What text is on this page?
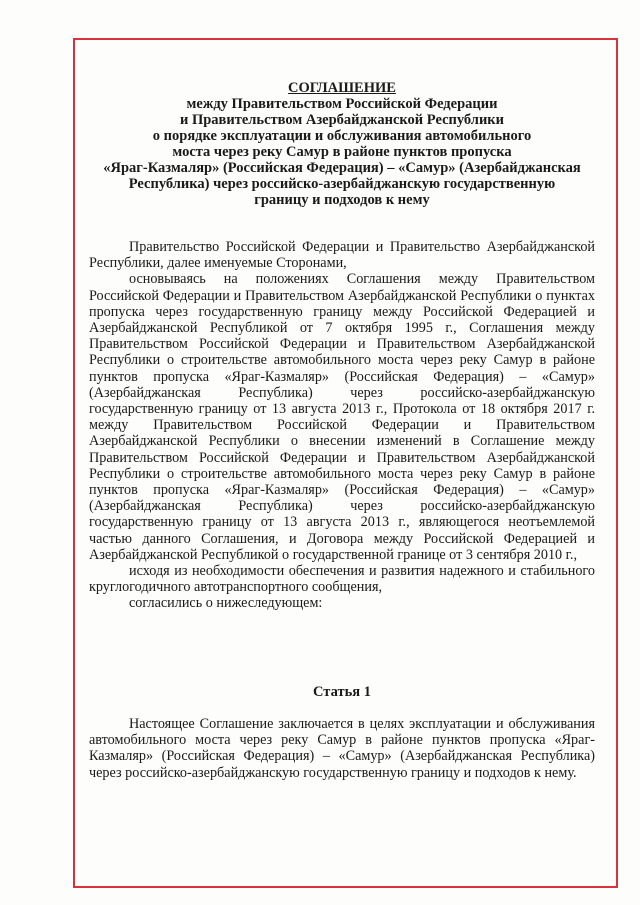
СОГЛАШЕНИЕ
между Правительством Российской Федерации
и Правительством Азербайджанской Республики
о порядке эксплуатации и обслуживания автомобильного
моста через реку Самур в районе пунктов пропуска
«Яраг-Казмаляр» (Российская Федерация) – «Самур» (Азербайджанская Республика) через российско-азербайджанскую государственную
границу и подходов к нему

Правительство Российской Федерации и Правительство Азербайджанской Республики, далее именуемые Сторонами,

основываясь на положениях Соглашения между Правительством Российской Федерации и Правительством Азербайджанской Республики о пунктах пропуска через государственную границу между Российской Федерацией и Азербайджанской Республикой от 7 октября 1995 г., Соглашения между Правительством Российской Федерации и Правительством Азербайджанской Республики о строительстве автомобильного моста через реку Самур в районе пунктов пропуска «Яраг-Казмаляр» (Российская Федерация) – «Самур» (Азербайджанская Республика) через российско-азербайджанскую государственную границу от 13 августа 2013 г., Протокола от 18 октября 2017 г. между Правительством Российской Федерации и Правительством Азербайджанской Республики о внесении изменений в Соглашение между Правительством Российской Федерации и Правительством Азербайджанской Республики о строительстве автомобильного моста через реку Самур в районе пунктов пропуска «Яраг-Казмаляр» (Российская Федерация) – «Самур» (Азербайджанская Республика) через российско-азербайджанскую государственную границу от 13 августа 2013 г., являющегося неотъемлемой частью данного Соглашения, и Договора между Российской Федерацией и Азербайджанской Республикой о государственной границе от 3 сентября 2010 г.,

исходя из необходимости обеспечения и развития надежного и стабильного круглогодичного автотранспортного сообщения,

согласились о нижеследующем:

Статья 1

Настоящее Соглашение заключается в целях эксплуатации и обслуживания автомобильного моста через реку Самур в районе пунктов пропуска «Яраг-Казмаляр» (Российская Федерация) – «Самур» (Азербайджанская Республика) через российско-азербайджанскую государственную границу и подходов к нему.
